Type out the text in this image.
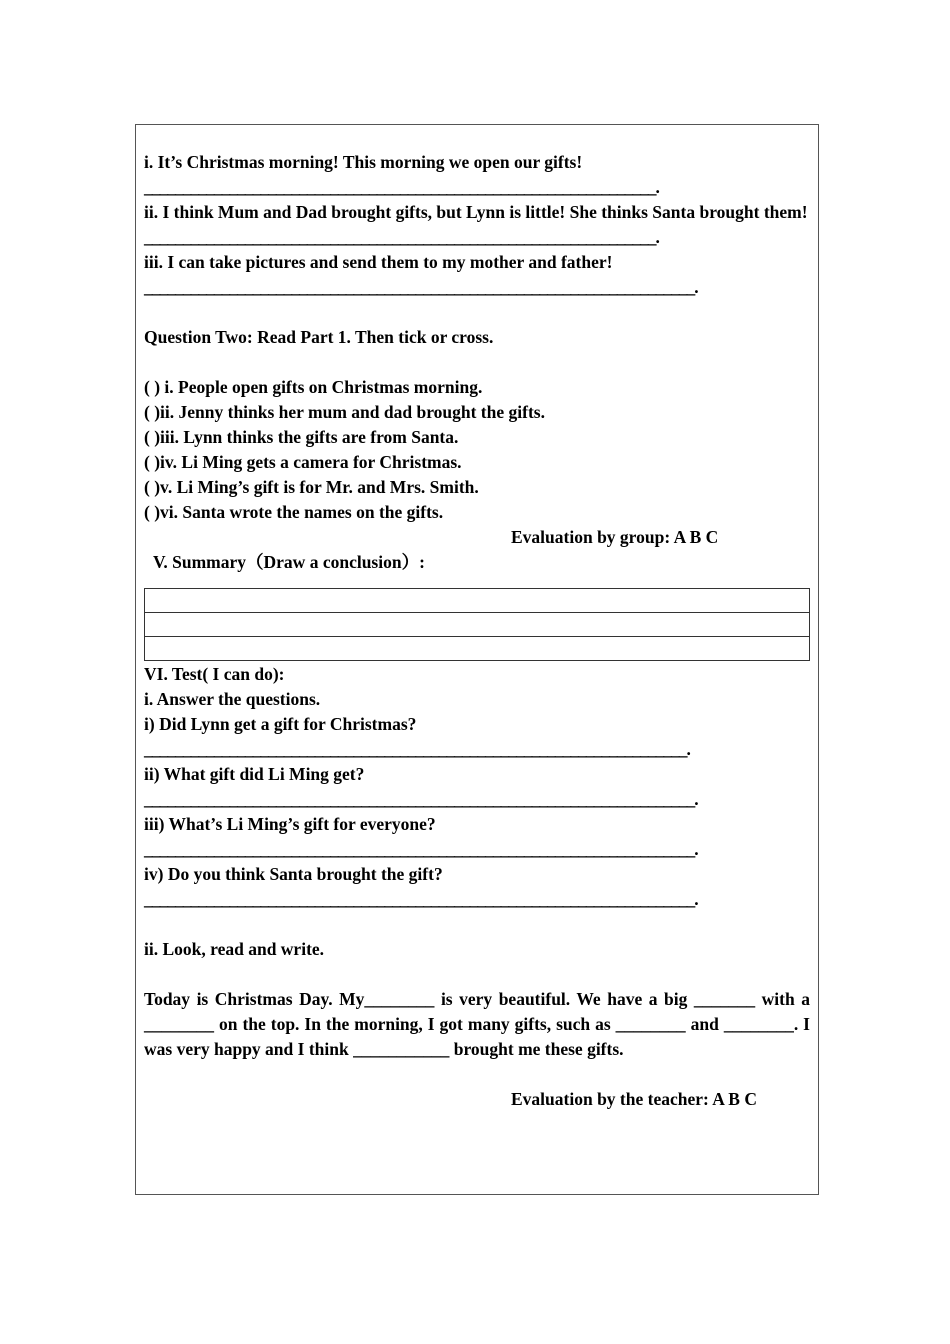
i. It’s Christmas morning! This morning we open our gifts!
__________________________________________________________________.
ii. I think Mum and Dad brought gifts, but Lynn is little! She thinks Santa brought them!
__________________________________________________________________.
iii. I can take pictures and send them to my mother and father!
_______________________________________________________________________.
Question Two: Read Part 1. Then tick or cross.
( ) i. People open gifts on Christmas morning.
( )ii. Jenny thinks her mum and dad brought the gifts.
( )iii. Lynn thinks the gifts are from Santa.
( )iv. Li Ming gets a camera for Christmas.
( )v. Li Ming’s gift is for Mr. and Mrs. Smith.
( )vi. Santa wrote the names on the gifts.
Evaluation by group: A B C
V. Summary（Draw a conclusion）:

VI. Test( I can do):
i. Answer the questions.
i) Did Lynn get a gift for Christmas?
______________________________________________________________________.
ii) What gift did Li Ming get?
_______________________________________________________________________.
iii) What’s Li Ming’s gift for everyone?
_______________________________________________________________________.
iv) Do you think Santa brought the gift?
_______________________________________________________________________.
ii. Look, read and write.
Today is Christmas Day. My________ is very beautiful. We have a big _______ with a ________ on the top. In the morning, I got many gifts, such as ________ and ________. I was very happy and I think ___________ brought me these gifts.
Evaluation by the teacher: A B C
